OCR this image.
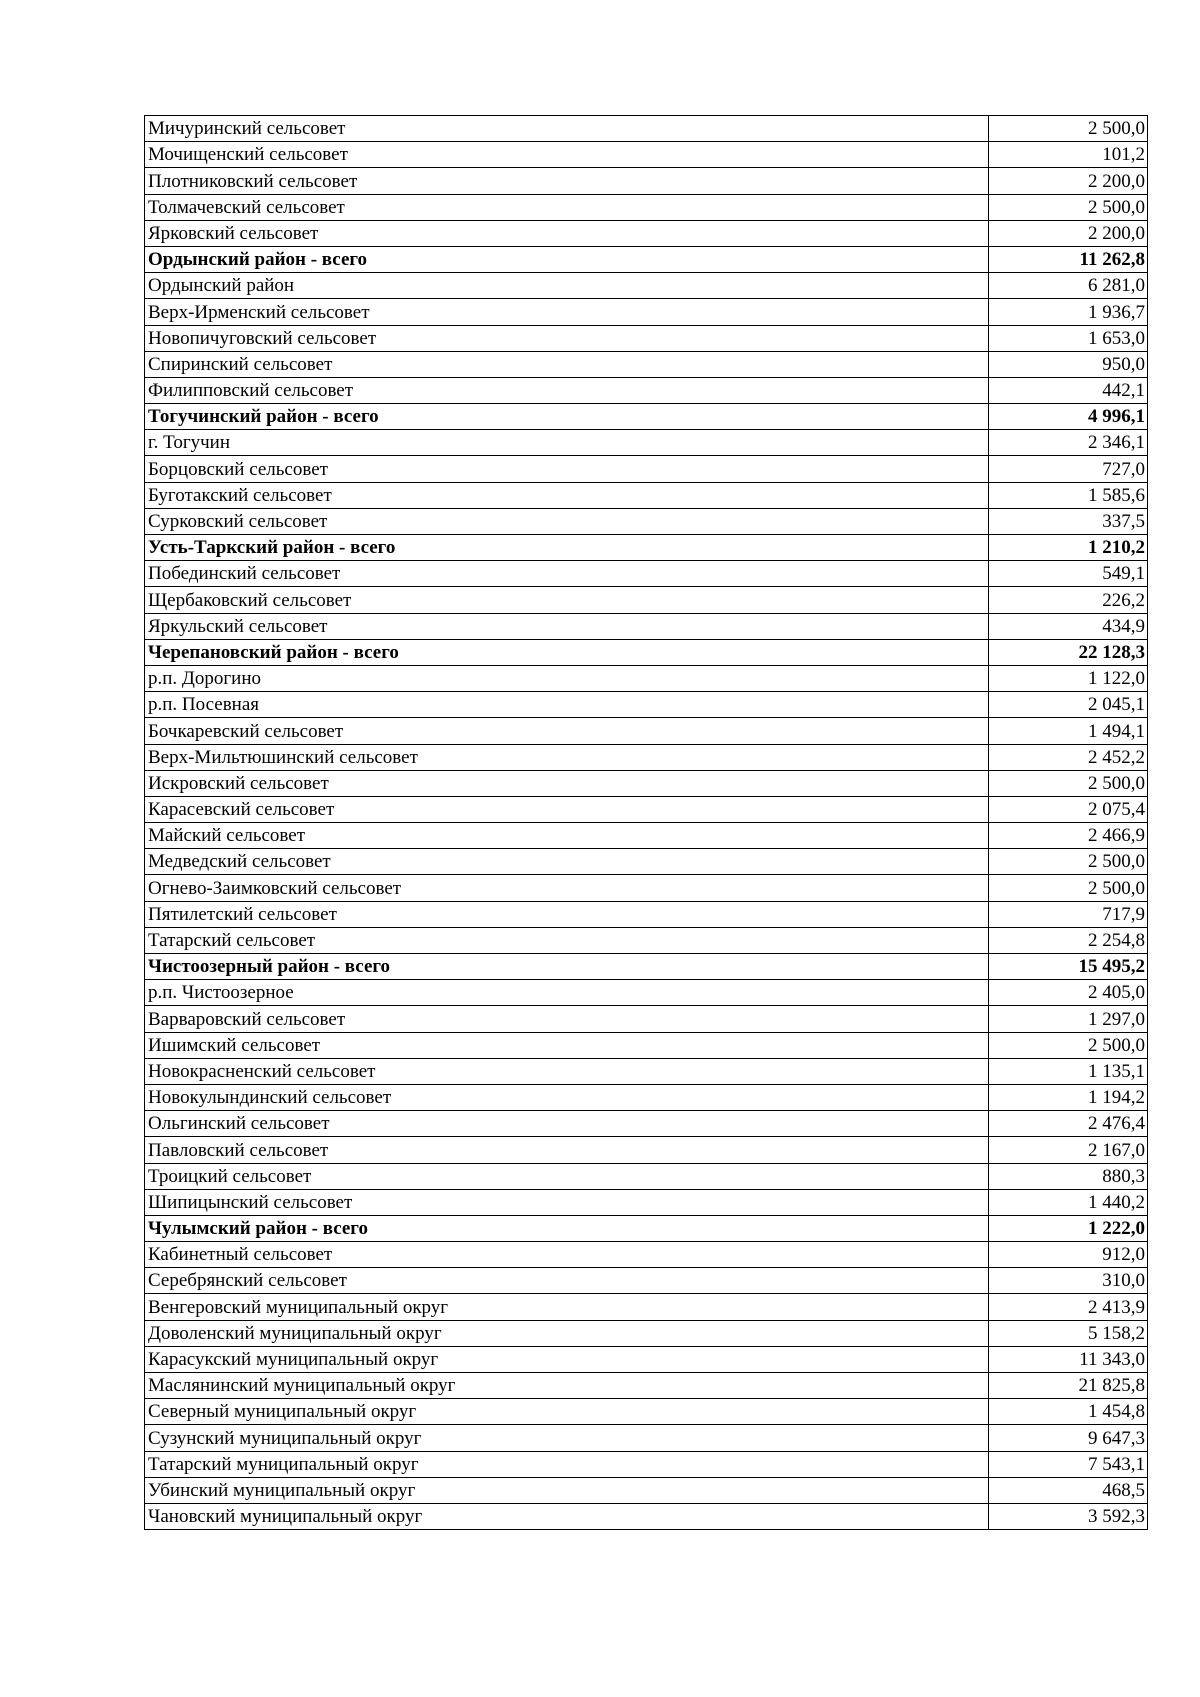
Мичуринский сельсовет	2 500,0
Мочищенский сельсовет	101,2
Плотниковский сельсовет	2 200,0
Толмачевский сельсовет	2 500,0
Ярковский сельсовет	2 200,0
Ордынский район - всего	11 262,8
Ордынский район	6 281,0
Верх-Ирменский сельсовет	1 936,7
Новопичуговский сельсовет	1 653,0
Спиринский сельсовет	950,0
Филипповский сельсовет	442,1
Тогучинский район - всего	4 996,1
г. Тогучин	2 346,1
Борцовский сельсовет	727,0
Буготакский сельсовет	1 585,6
Сурковский сельсовет	337,5
Усть-Таркский район - всего	1 210,2
Побединский сельсовет	549,1
Щербаковский сельсовет	226,2
Яркульский сельсовет	434,9
Черепановский район - всего	22 128,3
р.п. Дорогино	1 122,0
р.п. Посевная	2 045,1
Бочкаревский сельсовет	1 494,1
Верх-Мильтюшинский сельсовет	2 452,2
Искровский сельсовет	2 500,0
Карасевский сельсовет	2 075,4
Майский сельсовет	2 466,9
Медведский сельсовет	2 500,0
Огнево-Заимковский сельсовет	2 500,0
Пятилетский сельсовет	717,9
Татарский сельсовет	2 254,8
Чистоозерный район - всего	15 495,2
р.п. Чистоозерное	2 405,0
Варваровский сельсовет	1 297,0
Ишимский сельсовет	2 500,0
Новокрасненский сельсовет	1 135,1
Новокулындинский сельсовет	1 194,2
Ольгинский сельсовет	2 476,4
Павловский сельсовет	2 167,0
Троицкий сельсовет	880,3
Шипицынский сельсовет	1 440,2
Чулымский район - всего	1 222,0
Кабинетный сельсовет	912,0
Серебрянский сельсовет	310,0
Венгеровский муниципальный округ	2 413,9
Доволенский муниципальный округ	5 158,2
Карасукский муниципальный округ	11 343,0
Маслянинский муниципальный округ	21 825,8
Северный муниципальный округ	1 454,8
Сузунский муниципальный округ	9 647,3
Татарский муниципальный округ	7 543,1
Убинский муниципальный округ	468,5
Чановский муниципальный округ	3 592,3
